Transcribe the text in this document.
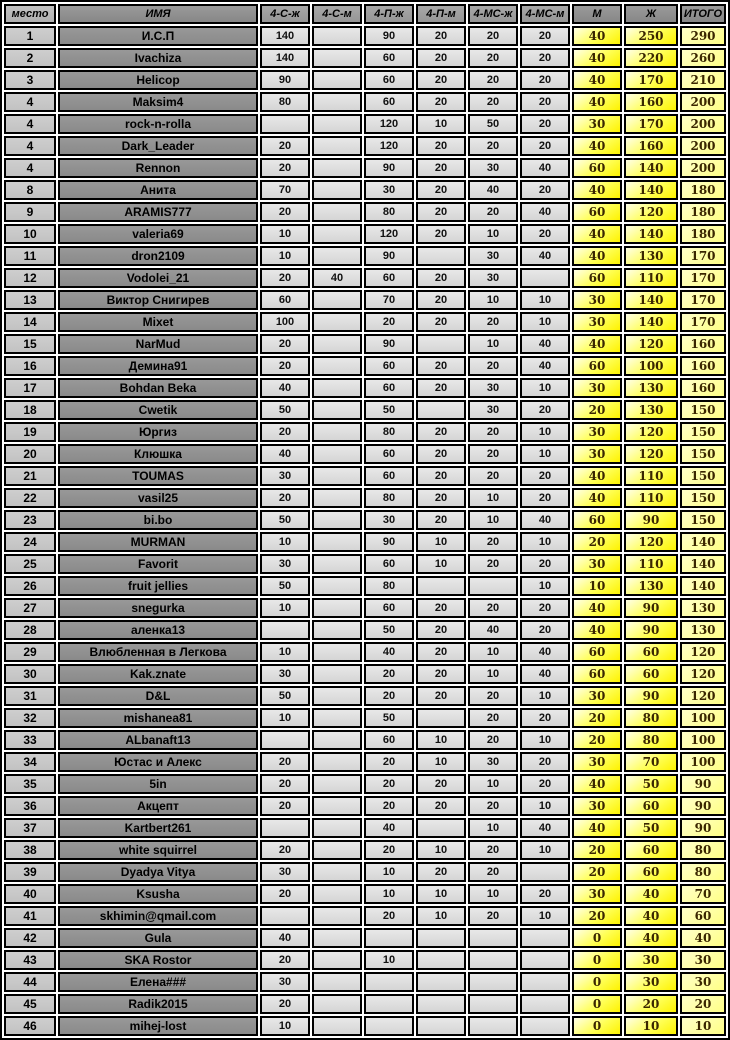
место	ИМЯ	4-С-ж	4-С-м	4-П-ж	4-П-м	4-МС-ж	4-МС-м	М	Ж	ИТОГО
1	И.С.П	140		90	20	20	20	40	250	290
2	Ivachiza	140		60	20	20	20	40	220	260
3	Helicop	90		60	20	20	20	40	170	210
4	Maksim4	80		60	20	20	20	40	160	200
4	rock-n-rolla			120	10	50	20	30	170	200
4	Dark_Leader	20		120	20	20	20	40	160	200
4	Rennon	20		90	20	30	40	60	140	200
8	Анита	70		30	20	40	20	40	140	180
9	ARAMIS777	20		80	20	20	40	60	120	180
10	valeria69	10		120	20	10	20	40	140	180
11	dron2109	10		90		30	40	40	130	170
12	Vodolei_21	20	40	60	20	30		60	110	170
13	Виктор Снигирев	60		70	20	10	10	30	140	170
14	Mixet	100		20	20	20	10	30	140	170
15	NarMud	20		90		10	40	40	120	160
16	Демина91	20		60	20	20	40	60	100	160
17	Bohdan Beka	40		60	20	30	10	30	130	160
18	Cwetik	50		50		30	20	20	130	150
19	Юргиз	20		80	20	20	10	30	120	150
20	Клюшка	40		60	20	20	10	30	120	150
21	TOUMAS	30		60	20	20	20	40	110	150
22	vasil25	20		80	20	10	20	40	110	150
23	bi.bo	50		30	20	10	40	60	90	150
24	MURMAN	10		90	10	20	10	20	120	140
25	Favorit	30		60	10	20	20	30	110	140
26	fruit jellies	50		80			10	10	130	140
27	snegurka	10		60	20	20	20	40	90	130
28	аленка13			50	20	40	20	40	90	130
29	Влюбленная в Легкова	10		40	20	10	40	60	60	120
30	Kak.znate	30		20	20	10	40	60	60	120
31	D&L	50		20	20	20	10	30	90	120
32	mishanea81	10		50		20	20	20	80	100
33	ALbanaft13			60	10	20	10	20	80	100
34	Юстас и Алекс	20		20	10	30	20	30	70	100
35	5in	20		20	20	10	20	40	50	90
36	Акцепт	20		20	20	20	10	30	60	90
37	Kartbert261			40		10	40	40	50	90
38	white squirrel	20		20	10	20	10	20	60	80
39	Dyadya Vitya	30		10	20	20		20	60	80
40	Ksusha	20		10	10	10	20	30	40	70
41	skhimin@qmail.com			20	10	20	10	20	40	60
42	Gula	40						0	40	40
43	SKA Rostor	20		10				0	30	30
44	Елена###	30						0	30	30
45	Radik2015	20						0	20	20
46	mihej-lost	10						0	10	10
